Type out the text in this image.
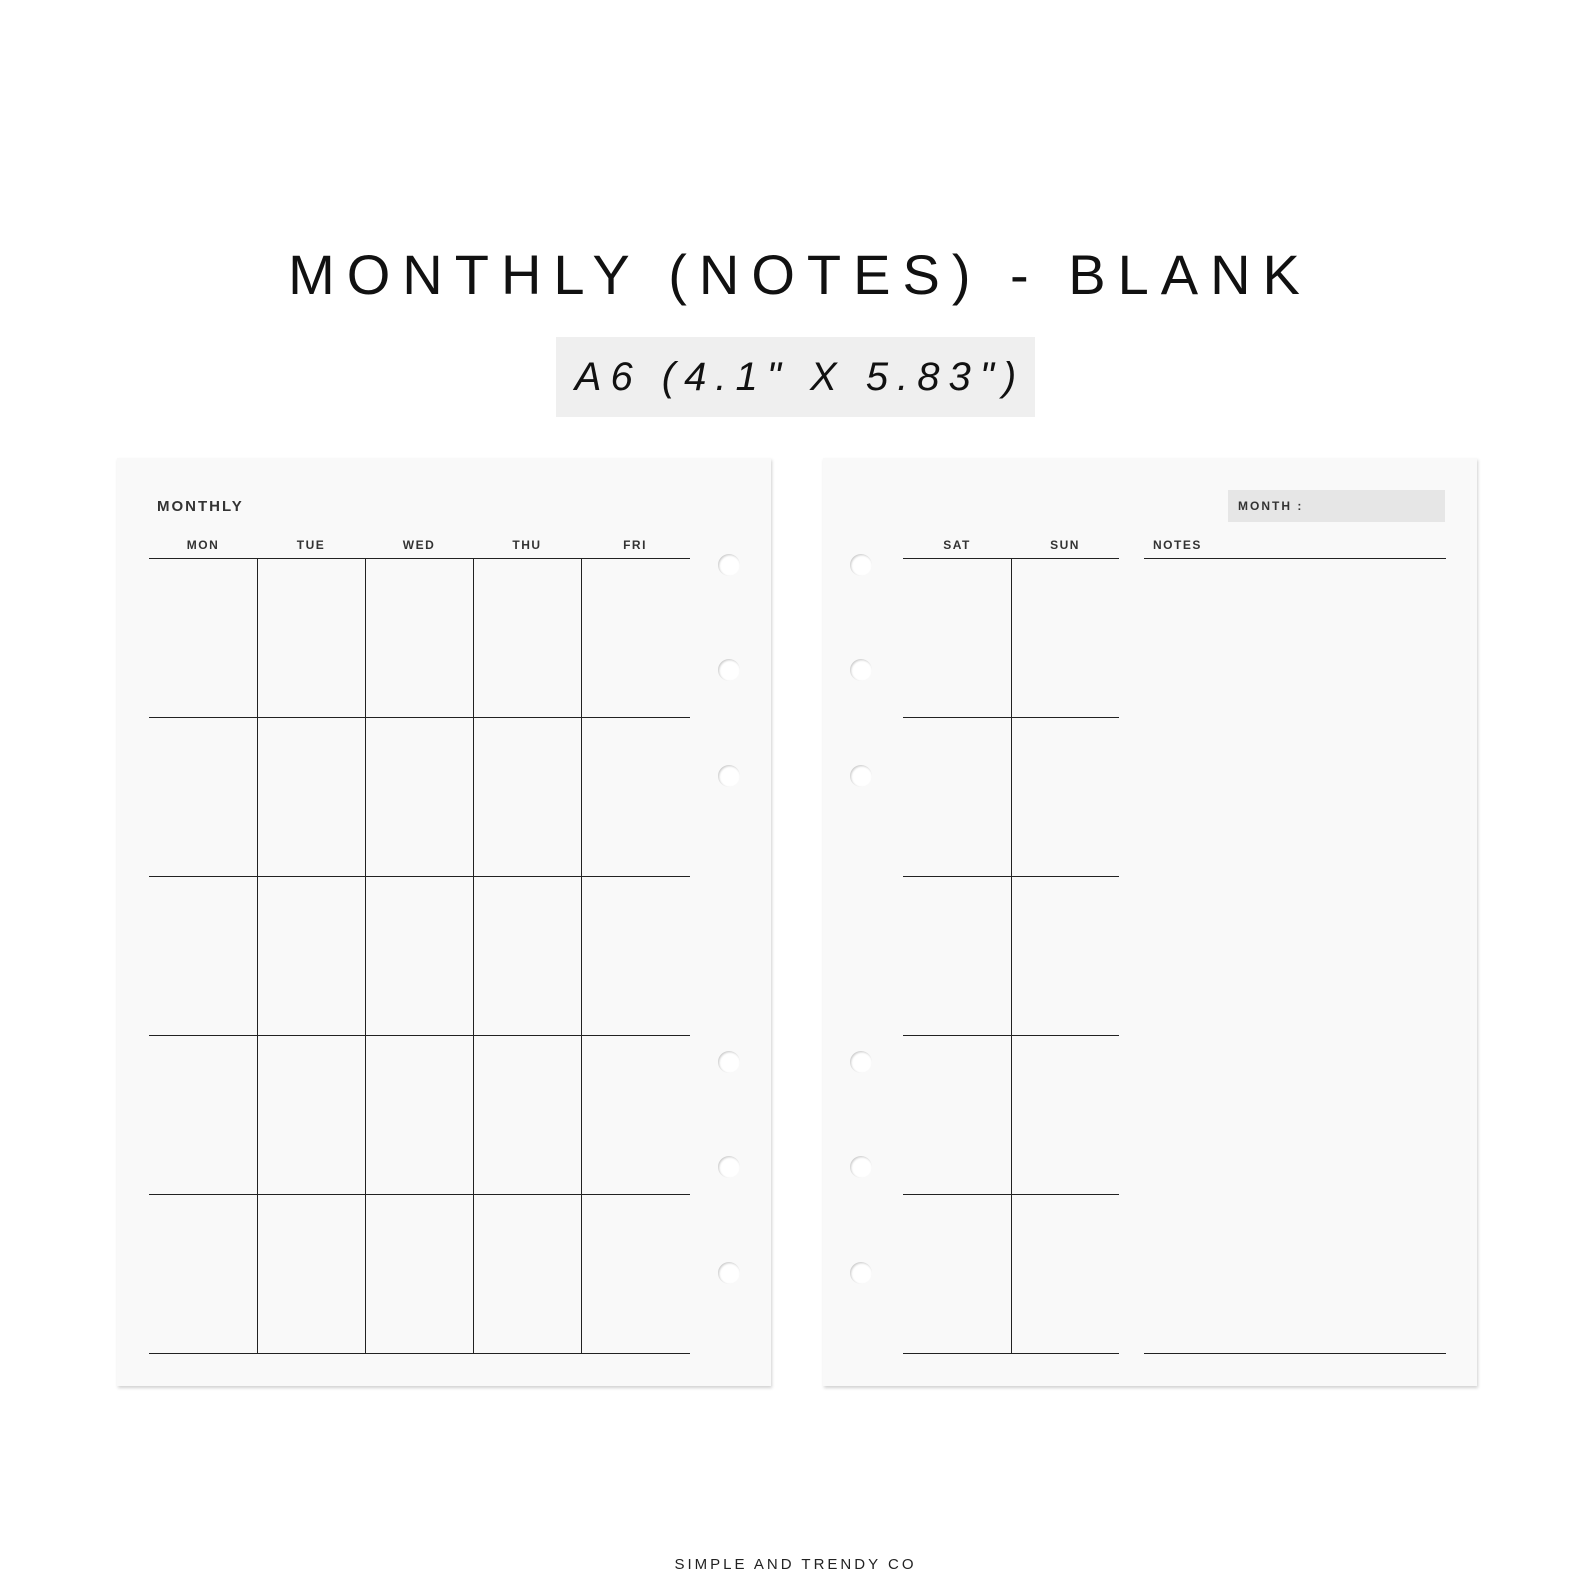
MONTHLY (NOTES) - BLANK
A6 (4.1" X 5.83")
MONTHLY
MON	TUE	WED	THU	FRI
MONTH :
SAT	SUN	NOTES
SIMPLE AND TRENDY CO
